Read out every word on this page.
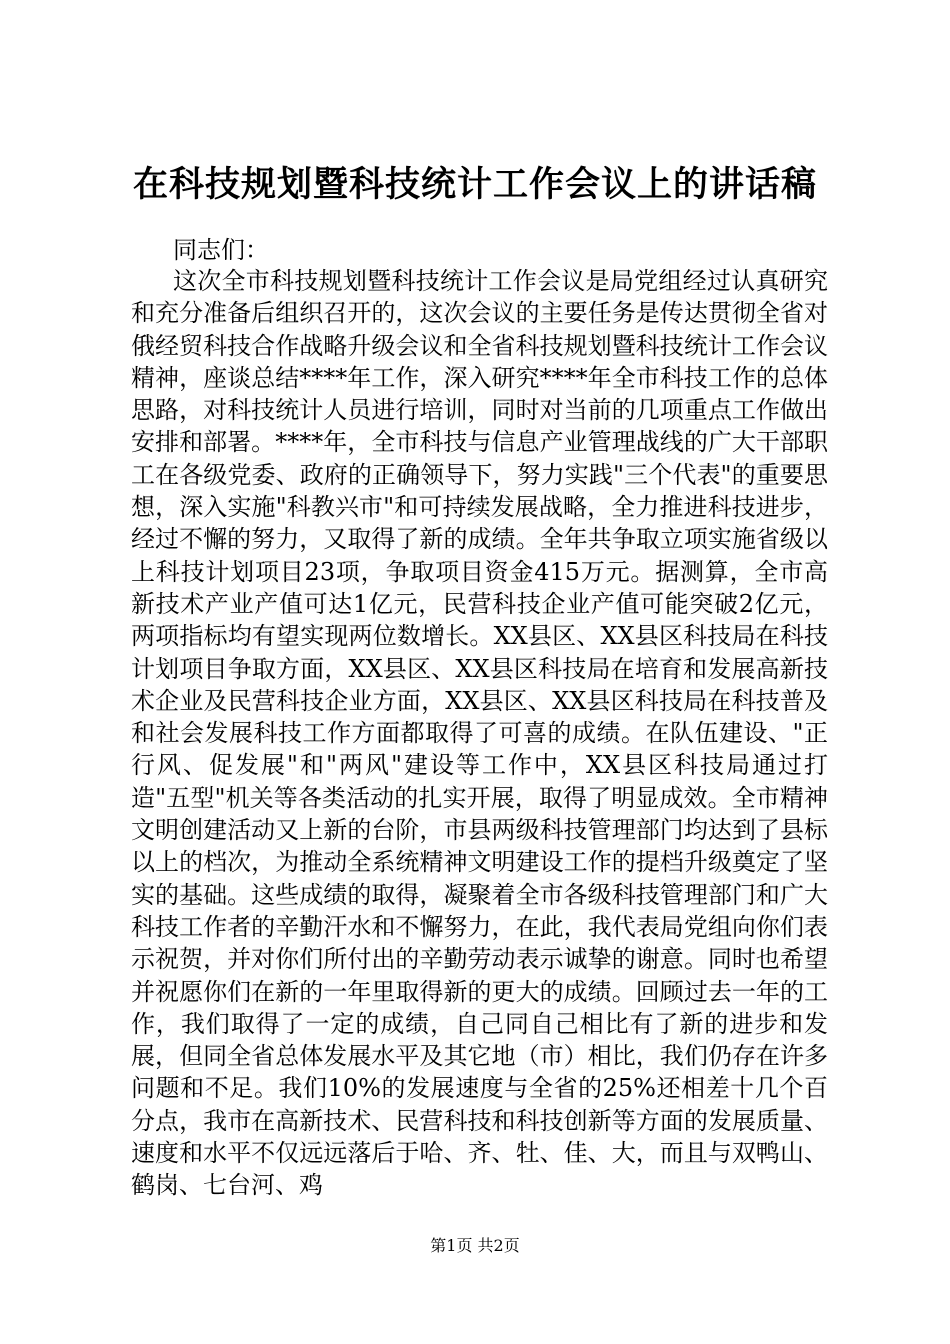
在科技规划暨科技统计工作会议上的讲话稿

同志们：

这次全市科技规划暨科技统计工作会议是局党组经过认真研究和充分准备后组织召开的，这次会议的主要任务是传达贯彻全省对俄经贸科技合作战略升级会议和全省科技规划暨科技统计工作会议精神，座谈总结****年工作，深入研究****年全市科技工作的总体思路，对科技统计人员进行培训，同时对当前的几项重点工作做出安排和部署。****年，全市科技与信息产业管理战线的广大干部职工在各级党委、政府的正确领导下，努力实践"三个代表"的重要思想，深入实施"科教兴市"和可持续发展战略，全力推进科技进步，经过不懈的努力，又取得了新的成绩。全年共争取立项实施省级以上科技计划项目23项，争取项目资金415万元。据测算，全市高新技术产业产值可达1亿元，民营科技企业产值可能突破2亿元，两项指标均有望实现两位数增长。XX县区、XX县区科技局在科技计划项目争取方面，XX县区、XX县区科技局在培育和发展高新技术企业及民营科技企业方面，XX县区、XX县区科技局在科技普及和社会发展科技工作方面都取得了可喜的成绩。在队伍建设、"正行风、促发展"和"两风"建设等工作中，XX县区科技局通过打造"五型"机关等各类活动的扎实开展，取得了明显成效。全市精神文明创建活动又上新的台阶，市县两级科技管理部门均达到了县标以上的档次，为推动全系统精神文明建设工作的提档升级奠定了坚实的基础。这些成绩的取得，凝聚着全市各级科技管理部门和广大科技工作者的辛勤汗水和不懈努力，在此，我代表局党组向你们表示祝贺，并对你们所付出的辛勤劳动表示诚挚的谢意。同时也希望并祝愿你们在新的一年里取得新的更大的成绩。回顾过去一年的工作，我们取得了一定的成绩，自己同自己相比有了新的进步和发展，但同全省总体发展水平及其它地（市）相比，我们仍存在许多问题和不足。我们10%的发展速度与全省的25%还相差十几个百分点，我市在高新技术、民营科技和科技创新等方面的发展质量、速度和水平不仅远远落后于哈、齐、牡、佳、大，而且与双鸭山、鹤岗、七台河、鸡

第1页 共2页
